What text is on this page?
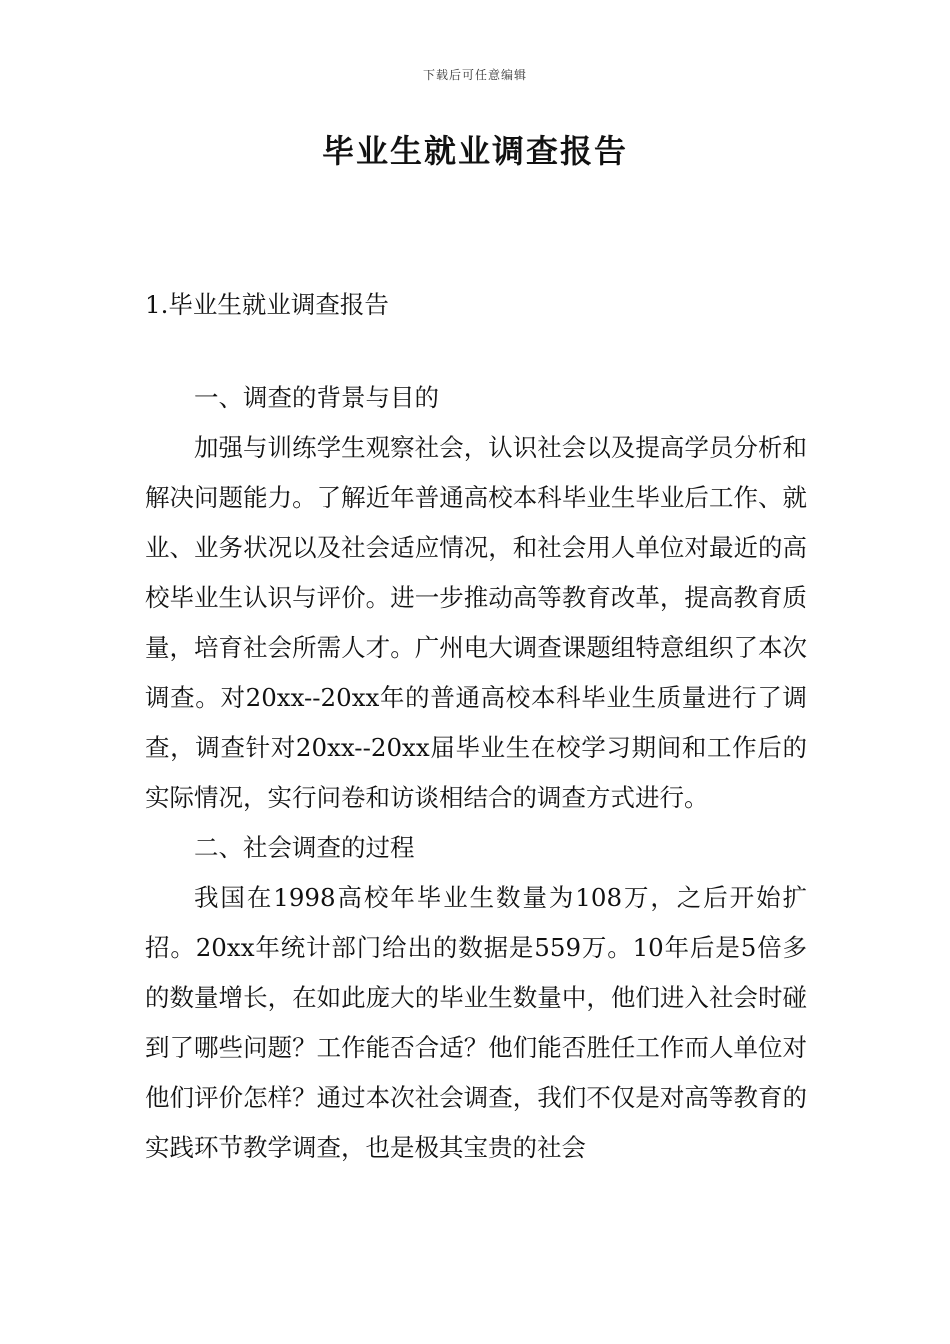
下载后可任意编辑
毕业生就业调查报告
1.毕业生就业调查报告

一、调查的背景与目的

加强与训练学生观察社会，认识社会以及提高学员分析和解决问题能力。了解近年普通高校本科毕业生毕业后工作、就业、业务状况以及社会适应情况，和社会用人单位对最近的高校毕业生认识与评价。进一步推动高等教育改革，提高教育质量，培育社会所需人才。广州电大调查课题组特意组织了本次调查。对20xx--20xx年的普通高校本科毕业生质量进行了调查，调查针对20xx--20xx届毕业生在校学习期间和工作后的实际情况，实行问卷和访谈相结合的调查方式进行。

二、社会调查的过程

我国在1998高校年毕业生数量为108万，之后开始扩招。20xx年统计部门给出的数据是559万。10年后是5倍多的数量增长，在如此庞大的毕业生数量中，他们进入社会时碰到了哪些问题？工作能否合适？他们能否胜任工作而人单位对他们评价怎样？通过本次社会调查，我们不仅是对高等教育的实践环节教学调查，也是极其宝贵的社会
